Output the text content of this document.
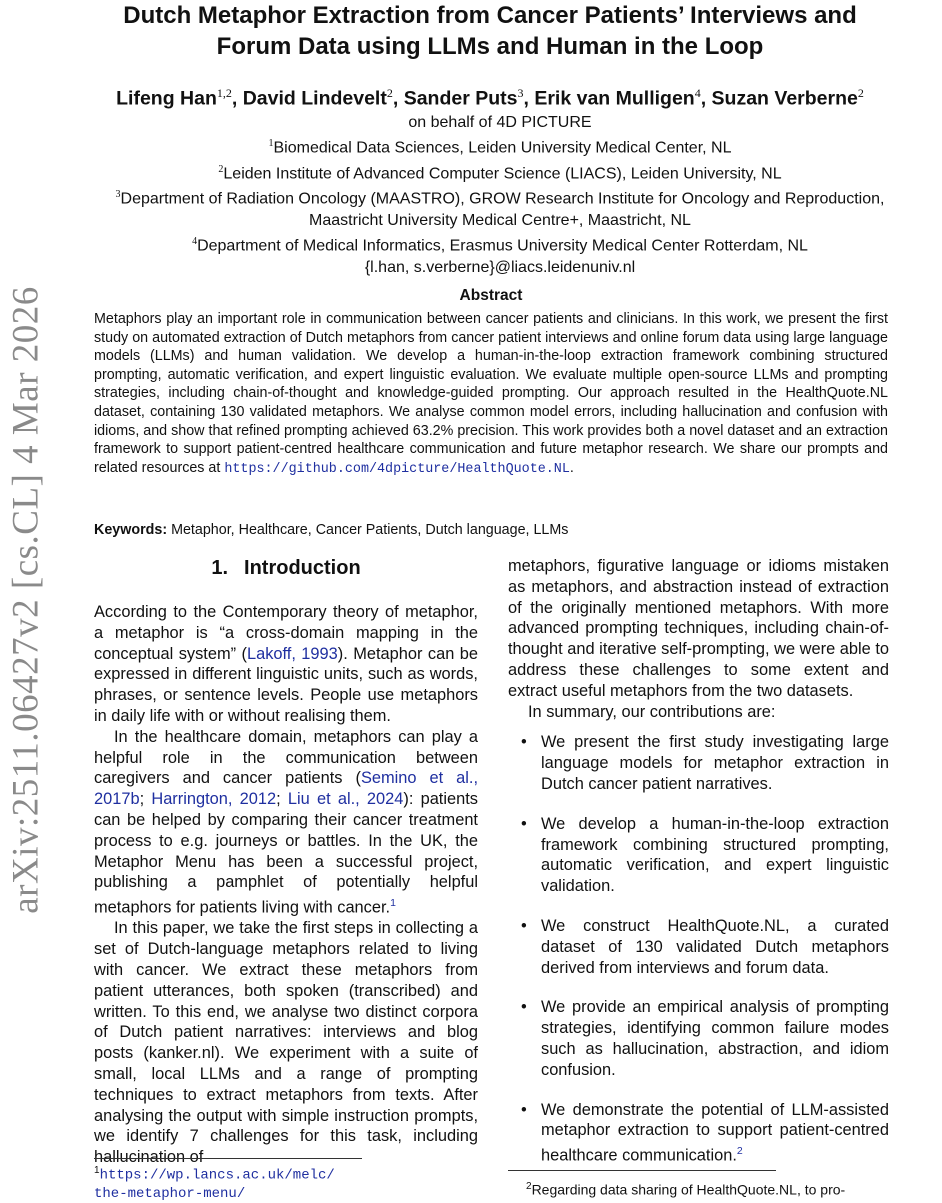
arXiv:2511.06427v2 [cs.CL] 4 Mar 2026
Dutch Metaphor Extraction from Cancer Patients’ Interviews and
Forum Data using LLMs and Human in the Loop
Lifeng Han$^{1,2}$, David Lindevelt$^2$, Sander Puts$^3$, Erik van Mulligen$^4$, Suzan Verberne$^2$
on behalf of 4D PICTURE
$^1$Biomedical Data Sciences, Leiden University Medical Center, NL
$^2$Leiden Institute of Advanced Computer Science (LIACS), Leiden University, NL
$^3$Department of Radiation Oncology (MAASTRO), GROW Research Institute for Oncology and Reproduction,
Maastricht University Medical Centre+, Maastricht, NL
$^4$Department of Medical Informatics, Erasmus University Medical Center Rotterdam, NL
{l.han, s.verberne}@liacs.leidenuniv.nl
Abstract
Metaphors play an important role in communication between cancer patients and clinicians. In this work, we present the first study on automated extraction of Dutch metaphors from cancer patient interviews and online forum data using large language models (LLMs) and human validation. We develop a human-in-the-loop extraction framework combining structured prompting, automatic verification, and expert linguistic evaluation. We evaluate multiple open-source LLMs and prompting strategies, including chain-of-thought and knowledge-guided prompting. Our approach resulted in the HealthQuote.NL dataset, containing 130 validated metaphors. We analyse common model errors, including hallucination and confusion with idioms, and show that refined prompting achieved 63.2% precision. This work provides both a novel dataset and an extraction framework to support patient-centred healthcare communication and future metaphor research. We share our prompts and related resources at https://github.com/4dpicture/HealthQuote.NL.
Keywords: Metaphor, Healthcare, Cancer Patients, Dutch language, LLMs
1. Introduction

According to the Contemporary theory of metaphor, a metaphor is “a cross-domain mapping in the conceptual system” (Lakoff, 1993). Metaphor can be expressed in different linguistic units, such as words, phrases, or sentence levels. People use metaphors in daily life with or without realising them.

In the healthcare domain, metaphors can play a helpful role in the communication between caregivers and cancer patients (Semino et al., 2017b; Harrington, 2012; Liu et al., 2024): patients can be helped by comparing their cancer treatment process to e.g. journeys or battles. In the UK, the Metaphor Menu has been a successful project, publishing a pamphlet of potentially helpful metaphors for patients living with cancer.$^1$

In this paper, we take the first steps in collecting a set of Dutch-language metaphors related to living with cancer. We extract these metaphors from patient utterances, both spoken (transcribed) and written. To this end, we analyse two distinct corpora of Dutch patient narratives: interviews and blog posts (kanker.nl). We experiment with a suite of small, local LLMs and a range of prompting techniques to extract metaphors from texts. After analysing the output with simple instruction prompts, we identify 7 challenges for this task, including hallucination of

metaphors, figurative language or idioms mistaken as metaphors, and abstraction instead of extraction of the originally mentioned metaphors. With more advanced prompting techniques, including chain-of-thought and iterative self-prompting, we were able to address these challenges to some extent and extract useful metaphors from the two datasets.

In summary, our contributions are:

• We present the first study investigating large language models for metaphor extraction in Dutch cancer patient narratives.
• We develop a human-in-the-loop extraction framework combining structured prompting, automatic verification, and expert linguistic validation.
• We construct HealthQuote.NL, a curated dataset of 130 validated Dutch metaphors derived from interviews and forum data.
• We provide an empirical analysis of prompting strategies, identifying common failure modes such as hallucination, abstraction, and idiom confusion.
• We demonstrate the potential of LLM-assisted metaphor extraction to support patient-centred healthcare communication.$^2$
$^1$https://wp.lancs.ac.uk/melc/
the-metaphor-menu/	$^2$Regarding data sharing of HealthQuote.NL, to pro-
